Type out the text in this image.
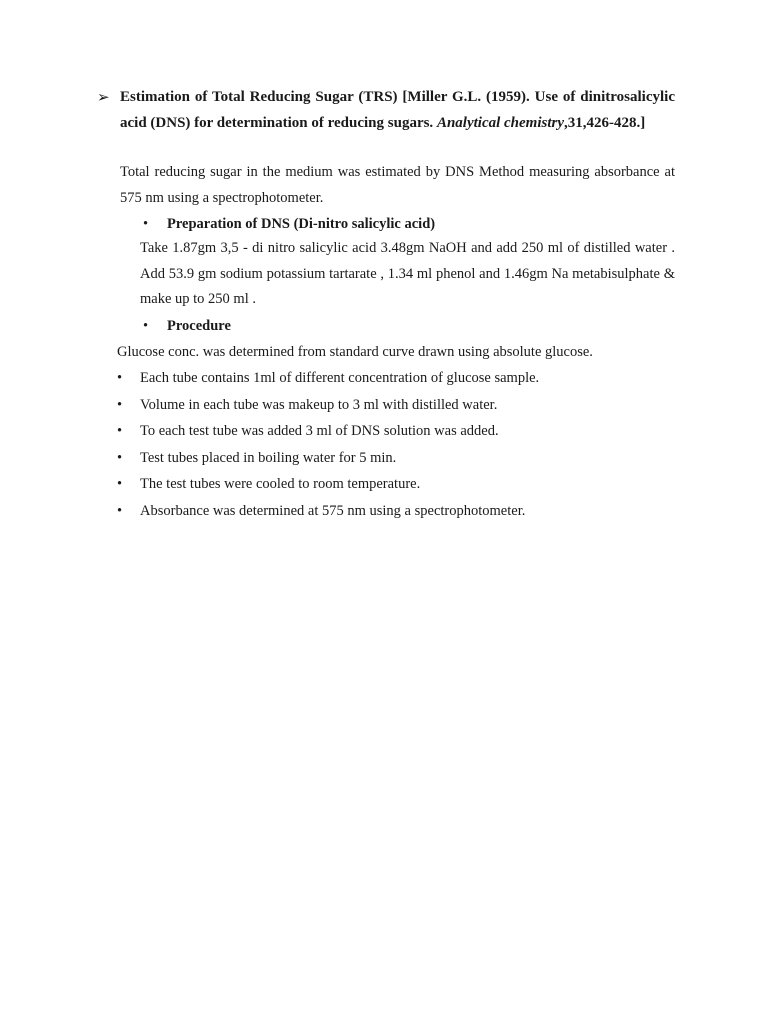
➢ Estimation of Total Reducing Sugar (TRS) [Miller G.L. (1959). Use of dinitrosalicylic acid (DNS) for determination of reducing sugars. Analytical chemistry,31,426-428.]
Total reducing sugar in the medium was estimated by DNS Method measuring absorbance at 575 nm using a spectrophotometer.
• Preparation of DNS (Di-nitro salicylic acid)
Take 1.87gm 3,5 - di nitro salicylic acid 3.48gm NaOH and add 250 ml of distilled water . Add 53.9 gm sodium potassium tartarate , 1.34 ml phenol and 1.46gm Na metabisulphate & make up to 250 ml .
• Procedure
Glucose conc. was determined from standard curve drawn using absolute glucose.
• Each tube contains 1ml of different concentration of glucose sample.
• Volume in each tube was makeup to 3 ml with distilled water.
• To each test tube was added 3 ml of DNS solution was added.
• Test tubes placed in boiling water for 5 min.
• The test tubes were cooled to room temperature.
• Absorbance was determined at 575 nm using a spectrophotometer.
